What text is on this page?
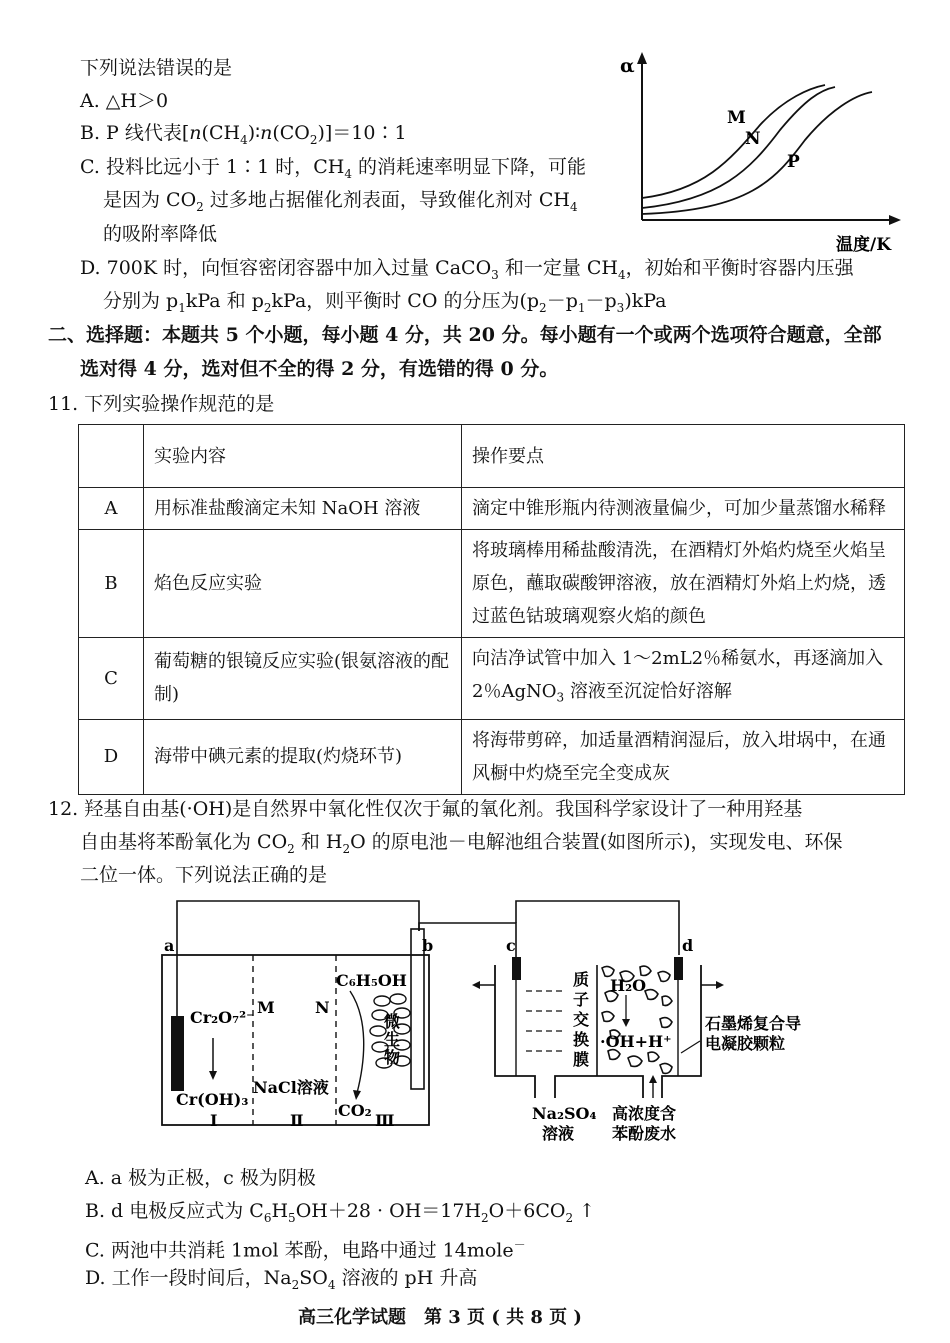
下列说法错误的是
A. △H＞0
B. P 线代表$[n(CH_4)∶n(CO_2)]=10∶1$
C. 投料比远小于 1∶1 时，$CH_4$ 的消耗速率明显下降，可能
是因为 $CO_2$ 过多地占据催化剂表面，导致催化剂对 $CH_4$
的吸附率降低
D. 700K 时，向恒容密闭容器中加入过量 CaCO$_3$ 和一定量 $CH_4$，初始和平衡时容器内压强
分别为 $p_1kPa$ 和 $p_2kPa$，则平衡时 CO 的分压为$(p_2-p_1-p_3)kPa$
α
温度/K
M
N
P
二、选择题：本题共 5 个小题，每小题 4 分，共 20 分。每小题有一个或两个选项符合题意，全部
选对得 4 分，选对但不全的得 2 分，有选错的得 0 分。
11. 下列实验操作规范的是
	实验内容	操作要点
A	用标准盐酸滴定未知 NaOH 溶液	滴定中锥形瓶内待测液量偏少，可加少量蒸馏水稀释
B	焰色反应实验	将玻璃棒用稀盐酸清洗，在酒精灯外焰灼烧至火焰呈原色，蘸取碳酸钾溶液，放在酒精灯外焰上灼烧，透过蓝色钴玻璃观察火焰的颜色
C	葡萄糖的银镜反应实验(银氨溶液的配制)	向洁净试管中加入 1～2mL2％稀氨水，再逐滴加入 2％AgNO$_3$ 溶液至沉淀恰好溶解
D	海带中碘元素的提取(灼烧环节)	将海带剪碎，加适量酒精润湿后，放入坩埚中，在通风橱中灼烧至完全变成灰
12. 羟基自由基(·OH)是自然界中氧化性仅次于氟的氧化剂。我国科学家设计了一种用羟基
自由基将苯酚氧化为 $CO_2$ 和 $H_2O$ 的原电池－电解池组合装置(如图所示)，实现发电、环保
二位一体。下列说法正确的是
a	b
Cr₂O₇²⁻
Cr(OH)₃
M	N
C₆H₅OH
NaCl溶液
CO₂
Ⅰ	Ⅱ	Ⅲ
微
生
物
c	d
质
子
交
换
膜
H₂O
·OH+H⁺
石墨烯复合导
电凝胶颗粒
Na₂SO₄
溶液
高浓度含
苯酚废水
A. a 极为正极，c 极为阴极
B. d 电极反应式为 $C_6H_5OH+28 \cdot OH=17H_2O+6CO_2$ ↑
C. 两池中共消耗 1mol 苯酚，电路中通过 14mole－
D. 工作一段时间后，$Na_2SO_4$ 溶液的 pH 升高
高三化学试题　第 3 页 ( 共 8 页 )
